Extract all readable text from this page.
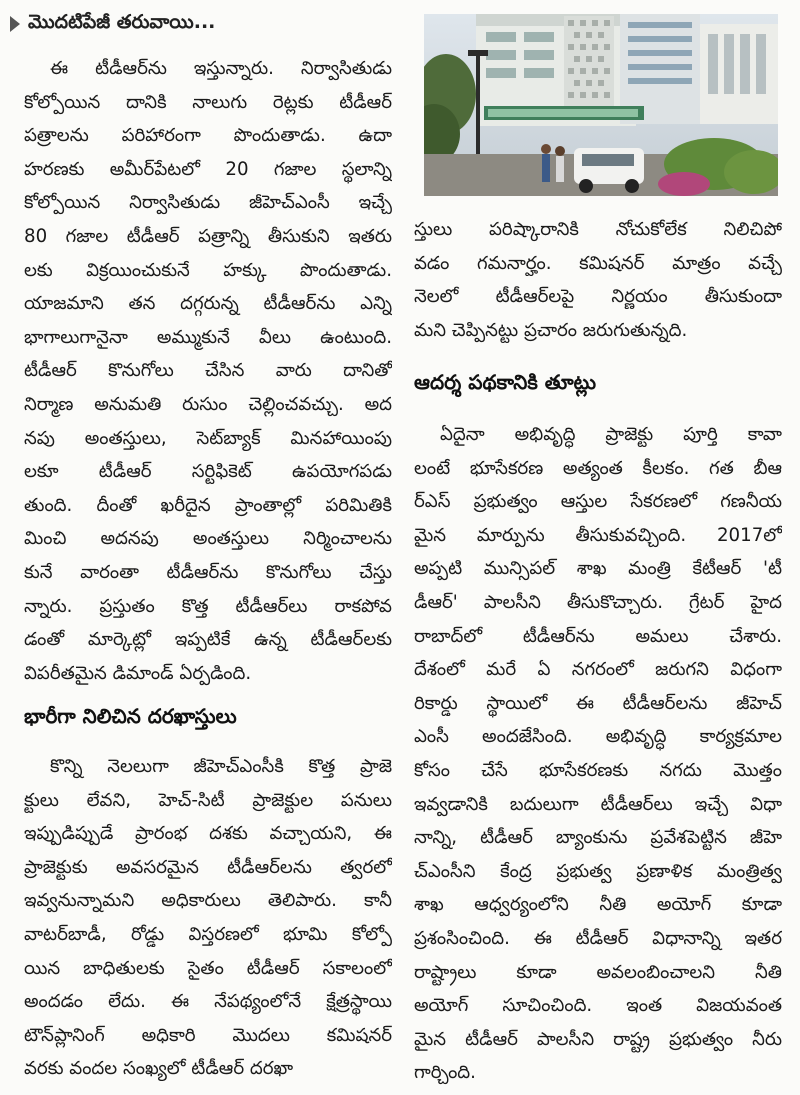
మొదటిపేజీ తరువాయి...
ఈ టీడీఆర్‌ను ఇస్తున్నారు. నిర్వాసితుడు
కోల్పోయిన దానికి నాలుగు రెట్లకు టీడీఆర్
పత్రాలను పరిహారంగా పొందుతాడు. ఉదా
హరణకు అమీర్‌పేటలో 20 గజాల స్థలాన్ని
కోల్పోయిన నిర్వాసితుడు జీహెచ్‌ఎంసీ ఇచ్చే
80 గజాల టీడీఆర్ పత్రాన్ని తీసుకుని ఇతరు
లకు విక్రయించుకునే హక్కు పొందుతాడు.
యాజమాని తన దగ్గరున్న టీడీఆర్‌ను ఎన్ని
భాగాలుగానైనా అమ్ముకునే వీలు ఉంటుంది.
టీడీఆర్ కొనుగోలు చేసిన వారు దానితో
నిర్మాణ అనుమతి రుసుం చెల్లించవచ్చు. అద
నపు అంతస్తులు, సెట్‌బ్యాక్ మినహాయింపు
లకూ టీడీఆర్ సర్టిఫికెట్ ఉపయోగపడు
తుంది. దీంతో ఖరీదైన ప్రాంతాల్లో పరిమితికి
మించి అదనపు అంతస్తులు నిర్మించాలను
కునే వారంతా టీడీఆర్‌ను కొనుగోలు చేస్తు
న్నారు. ప్రస్తుతం కొత్త టీడీఆర్‌లు రాకపోవ
డంతో మార్కెట్లో ఇప్పటికే ఉన్న టీడీఆర్‌లకు
విపరీతమైన డిమాండ్ ఏర్పడింది.
భారీగా నిలిచిన దరఖాస్తులు
కొన్ని నెలలుగా జీహెచ్‌ఎంసీకి కొత్త ప్రాజె
క్టులు లేవని, హెచ్-సిటీ ప్రాజెక్టుల పనులు
ఇప్పుడిప్పుడే ప్రారంభ దశకు వచ్చాయని, ఈ
ప్రాజెక్టుకు అవసరమైన టీడీఆర్‌లను త్వరలో
ఇవ్వనున్నామని అధికారులు తెలిపారు. కానీ
వాటర్‌బాడీ, రోడ్డు విస్తరణలో భూమి కోల్పో
యిన బాధితులకు సైతం టీడీఆర్ సకాలంలో
అందడం లేదు. ఈ నేపథ్యంలోనే క్షేత్రస్థాయి
టౌన్‌ప్లానింగ్ అధికారి మొదలు కమిషనర్
వరకు వందల సంఖ్యలో టీడీఆర్ దరఖా
స్తులు పరిష్కారానికి నోచుకోలేక నిలిచిపో
వడం గమనార్హం. కమిషనర్ మాత్రం వచ్చే
నెలలో టీడీఆర్‌లపై నిర్ణయం తీసుకుందా
మని చెప్పినట్టు ప్రచారం జరుగుతున్నది.
ఆదర్శ పథకానికి తూట్లు
ఏదైనా అభివృద్ధి ప్రాజెక్టు పూర్తి కావా
లంటే భూసేకరణ అత్యంత కీలకం. గత బీఆ
ర్‌ఎస్ ప్రభుత్వం ఆస్తుల సేకరణలో గణనీయ
మైన మార్పును తీసుకువచ్చింది. 2017లో
అప్పటి మున్సిపల్ శాఖ మంత్రి కేటీఆర్ 'టీ
డీఆర్' పాలసీని తీసుకొచ్చారు. గ్రేటర్ హైద
రాబాద్‌లో టీడీఆర్‌ను అమలు చేశారు.
దేశంలో మరే ఏ నగరంలో జరుగని విధంగా
రికార్డు స్థాయిలో ఈ టీడీఆర్‌లను జీహెచ్
ఎంసీ అందజేసింది. అభివృద్ధి కార్యక్రమాల
కోసం చేసే భూసేకరణకు నగదు మొత్తం
ఇవ్వడానికి బదులుగా టీడీఆర్‌లు ఇచ్చే విధా
నాన్ని, టీడీఆర్ బ్యాంకును ప్రవేశపెట్టిన జీహె
చ్‌ఎంసీని కేంద్ర ప్రభుత్వ ప్రణాళిక మంత్రిత్వ
శాఖ ఆధ్వర్యంలోని నీతి అయోగ్ కూడా
ప్రశంసించింది. ఈ టీడీఆర్ విధానాన్ని ఇతర
రాష్ట్రాలు కూడా అవలంబించాలని నీతి
అయోగ్ సూచించింది. ఇంత విజయవంత
మైన టీడీఆర్ పాలసీని రాష్ట్ర ప్రభుత్వం నీరు
గార్చింది.
